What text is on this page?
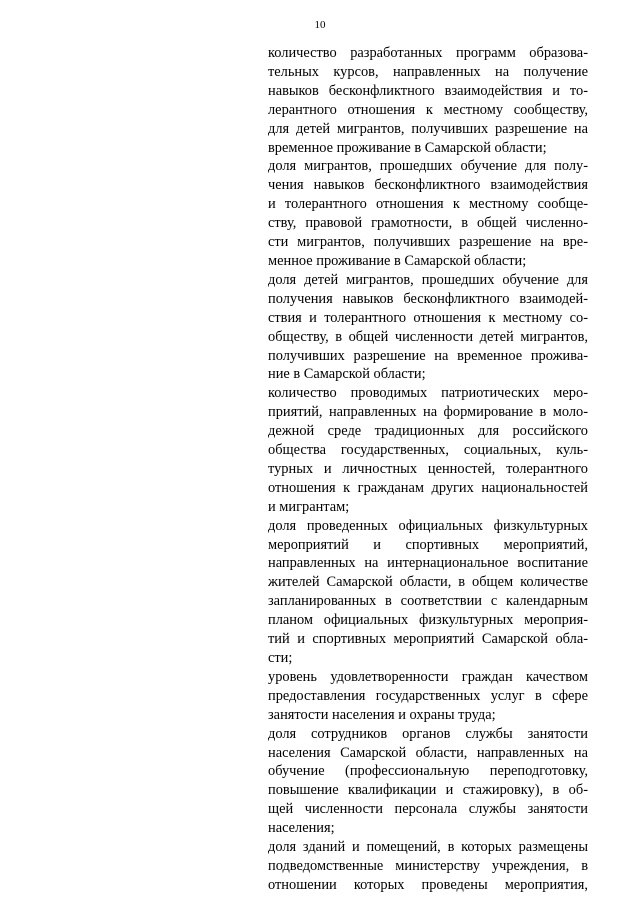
10
количество разработанных программ образова-
тельных курсов, направленных на получение
навыков бесконфликтного взаимодействия и то-
лерантного отношения к местному сообществу,
для детей мигрантов, получивших разрешение на
временное проживание в Самарской области;
доля мигрантов, прошедших обучение для полу-
чения навыков бесконфликтного взаимодействия
и толерантного отношения к местному сообще-
ству, правовой грамотности, в общей численно-
сти мигрантов, получивших разрешение на вре-
менное проживание в Самарской области;
доля детей мигрантов, прошедших обучение для
получения навыков бесконфликтного взаимодей-
ствия и толерантного отношения к местному со-
обществу, в общей численности детей мигрантов,
получивших разрешение на временное прожива-
ние в Самарской области;
количество проводимых патриотических меро-
приятий, направленных на формирование в моло-
дежной среде традиционных для российского
общества государственных, социальных, куль-
турных и личностных ценностей, толерантного
отношения к гражданам других национальностей
и мигрантам;
доля проведенных официальных физкультурных
мероприятий и спортивных мероприятий,
направленных на интернациональное воспитание
жителей Самарской области, в общем количестве
запланированных в соответствии с календарным
планом официальных физкультурных мероприя-
тий и спортивных мероприятий Самарской обла-
сти;
уровень удовлетворенности граждан качеством
предоставления государственных услуг в сфере
занятости населения и охраны труда;
доля сотрудников органов службы занятости
населения Самарской области, направленных на
обучение (профессиональную переподготовку,
повышение квалификации и стажировку), в об-
щей численности персонала службы занятости
населения;
доля зданий и помещений, в которых размещены
подведомственные министерству учреждения, в
отношении которых проведены мероприятия,
